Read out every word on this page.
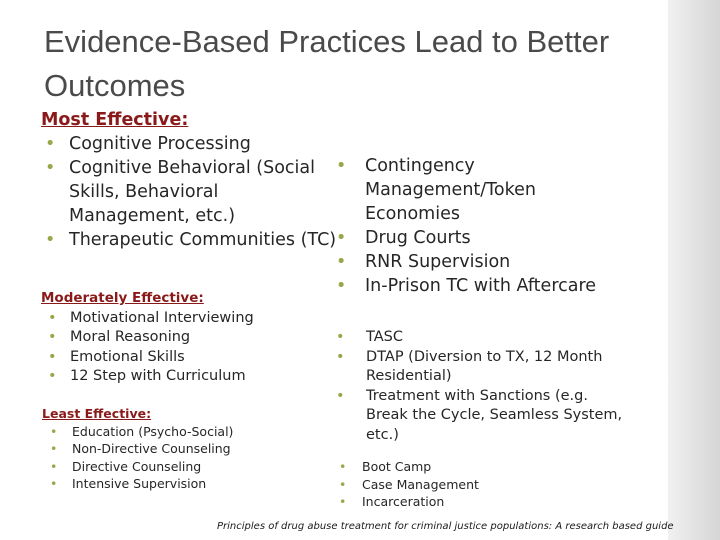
Evidence-Based Practices Lead to Better Outcomes
Most Effective:
• Cognitive Processing
• Cognitive Behavioral (Social Skills, Behavioral Management, etc.)
• Therapeutic Communities (TC)
Moderately Effective:
• Motivational Interviewing
• Moral Reasoning
• Emotional Skills
• 12 Step with Curriculum
Least Effective:
• Education (Psycho-Social)
• Non-Directive Counseling
• Directive Counseling
• Intensive Supervision
• Contingency Management/Token Economies
• Drug Courts
• RNR Supervision
• In-Prison TC with Aftercare
• TASC
• DTAP (Diversion to TX, 12 Month Residential)
• Treatment with Sanctions (e.g. Break the Cycle, Seamless System, etc.)
• Boot Camp
• Case Management
• Incarceration
Principles of drug abuse treatment for criminal justice populations: A research based guide
